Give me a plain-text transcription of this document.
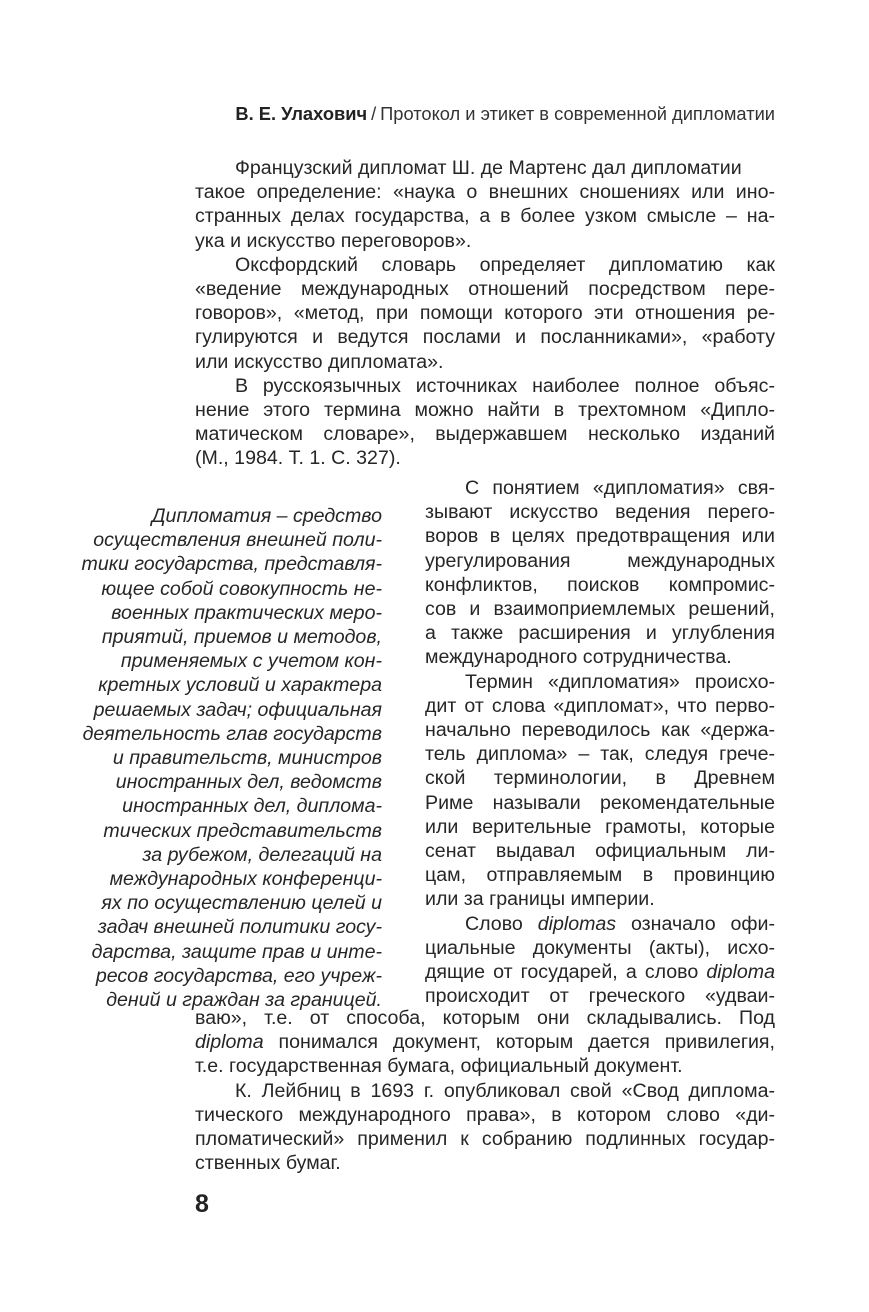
В. Е. Улахович / Протокол и этикет в современной дипломатии
Французский дипломат Ш. де Мартенс дал дипломатии
такое определение: «наука о внешних сношениях или ино-
странных делах государства, а в более узком смысле – на-
ука и искусство переговоров».
Оксфордский словарь определяет дипломатию как
«ведение международных отношений посредством пере-
говоров», «метод, при помощи которого эти отношения ре-
гулируются и ведутся послами и посланниками», «работу
или искусство дипломата».
В русскоязычных источниках наиболее полное объяс-
нение этого термина можно найти в трехтомном «Дипло-
матическом словаре», выдержавшем несколько изданий
(М., 1984. Т. 1. С. 327).
Дипломатия – средство
осуществления внешней поли-
тики государства, представля-
ющее собой совокупность не-
военных практических меро-
приятий, приемов и методов,
применяемых с учетом кон-
кретных условий и характера
решаемых задач; официальная
деятельность глав государств
и правительств, министров
иностранных дел, ведомств
иностранных дел, диплома-
тических представительств
за рубежом, делегаций на
международных конференци-
ях по осуществлению целей и
задач внешней политики госу-
дарства, защите прав и инте-
ресов государства, его учреж-
дений и граждан за границей.
С понятием «дипломатия» свя-
зывают искусство ведения перего-
воров в целях предотвращения или
урегулирования международных
конфликтов, поисков компромис-
сов и взаимоприемлемых решений,
а также расширения и углубления
международного сотрудничества.
Термин «дипломатия» происхо-
дит от слова «дипломат», что перво-
начально переводилось как «держа-
тель диплома» – так, следуя грече-
ской терминологии, в Древнем
Риме называли рекомендательные
или верительные грамоты, которые
сенат выдавал официальным ли-
цам, отправляемым в провинцию
или за границы империи.
Слово diplomas означало офи-
циальные документы (акты), исхо-
дящие от государей, а слово diploma
происходит от греческого «удваи-
ваю», т.е. от способа, которым они складывались. Под
diploma понимался документ, которым дается привилегия,
т.е. государственная бумага, официальный документ.
К. Лейбниц в 1693 г. опубликовал свой «Свод дипломa-
тического международного права», в котором слово «ди-
пломатический» применил к собранию подлинных государ-
ственных бумаг.
8
